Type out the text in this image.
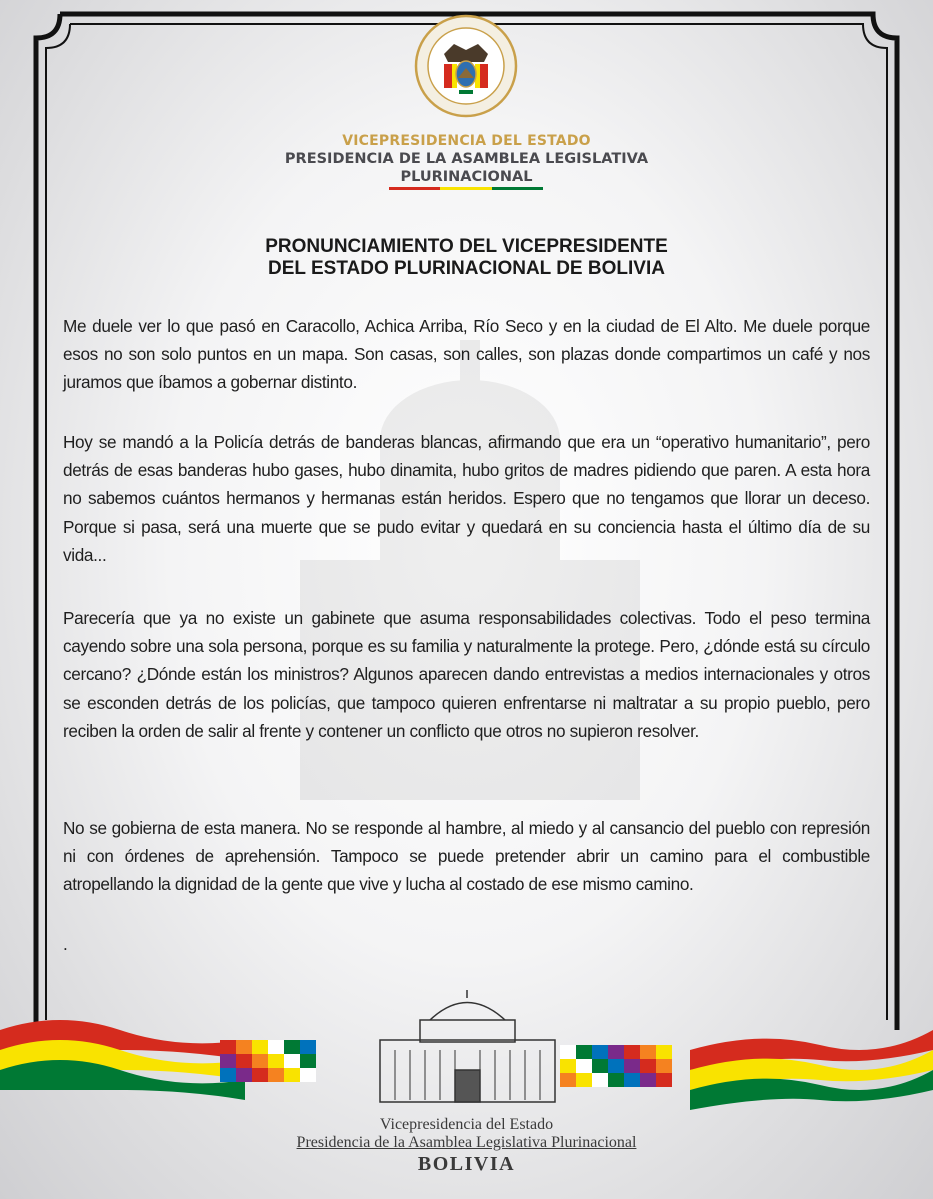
VICEPRESIDENCIA DEL ESTADO
PRESIDENCIA DE LA ASAMBLEA LEGISLATIVA
PLURINACIONAL
PRONUNCIAMIENTO DEL VICEPRESIDENTE
DEL ESTADO PLURINACIONAL DE BOLIVIA
Me duele ver lo que pasó en Caracollo, Achica Arriba, Río Seco y en la ciudad de El Alto. Me duele porque esos no son solo puntos en un mapa. Son casas, son calles, son plazas donde compartimos un café y nos juramos que íbamos a gobernar distinto.
Hoy se mandó a la Policía detrás de banderas blancas, afirmando que era un “operativo humanitario”, pero detrás de esas banderas hubo gases, hubo dinamita, hubo gritos de madres pidiendo que paren. A esta hora no sabemos cuántos hermanos y hermanas están heridos. Espero que no tengamos que llorar un deceso. Porque si pasa, será una muerte que se pudo evitar y quedará en su conciencia hasta el último día de su vida...
Parecería que ya no existe un gabinete que asuma responsabilidades colectivas. Todo el peso termina cayendo sobre una sola persona, porque es su familia y naturalmente la protege. Pero, ¿dónde está su círculo cercano? ¿Dónde están los ministros? Algunos aparecen dando entrevistas a medios internacionales y otros se esconden detrás de los policías, que tampoco quieren enfrentarse ni maltratar a su propio pueblo, pero reciben la orden de salir al frente y contener un conflicto que otros no supieron resolver.
No se gobierna de esta manera. No se responde al hambre, al miedo y al cansancio del pueblo con represión ni con órdenes de aprehensión. Tampoco se puede pretender abrir un camino para el combustible atropellando la dignidad de la gente que vive y lucha al costado de ese mismo camino.
.
Vicepresidencia del Estado
Presidencia de la Asamblea Legislativa Plurinacional
BOLIVIA
